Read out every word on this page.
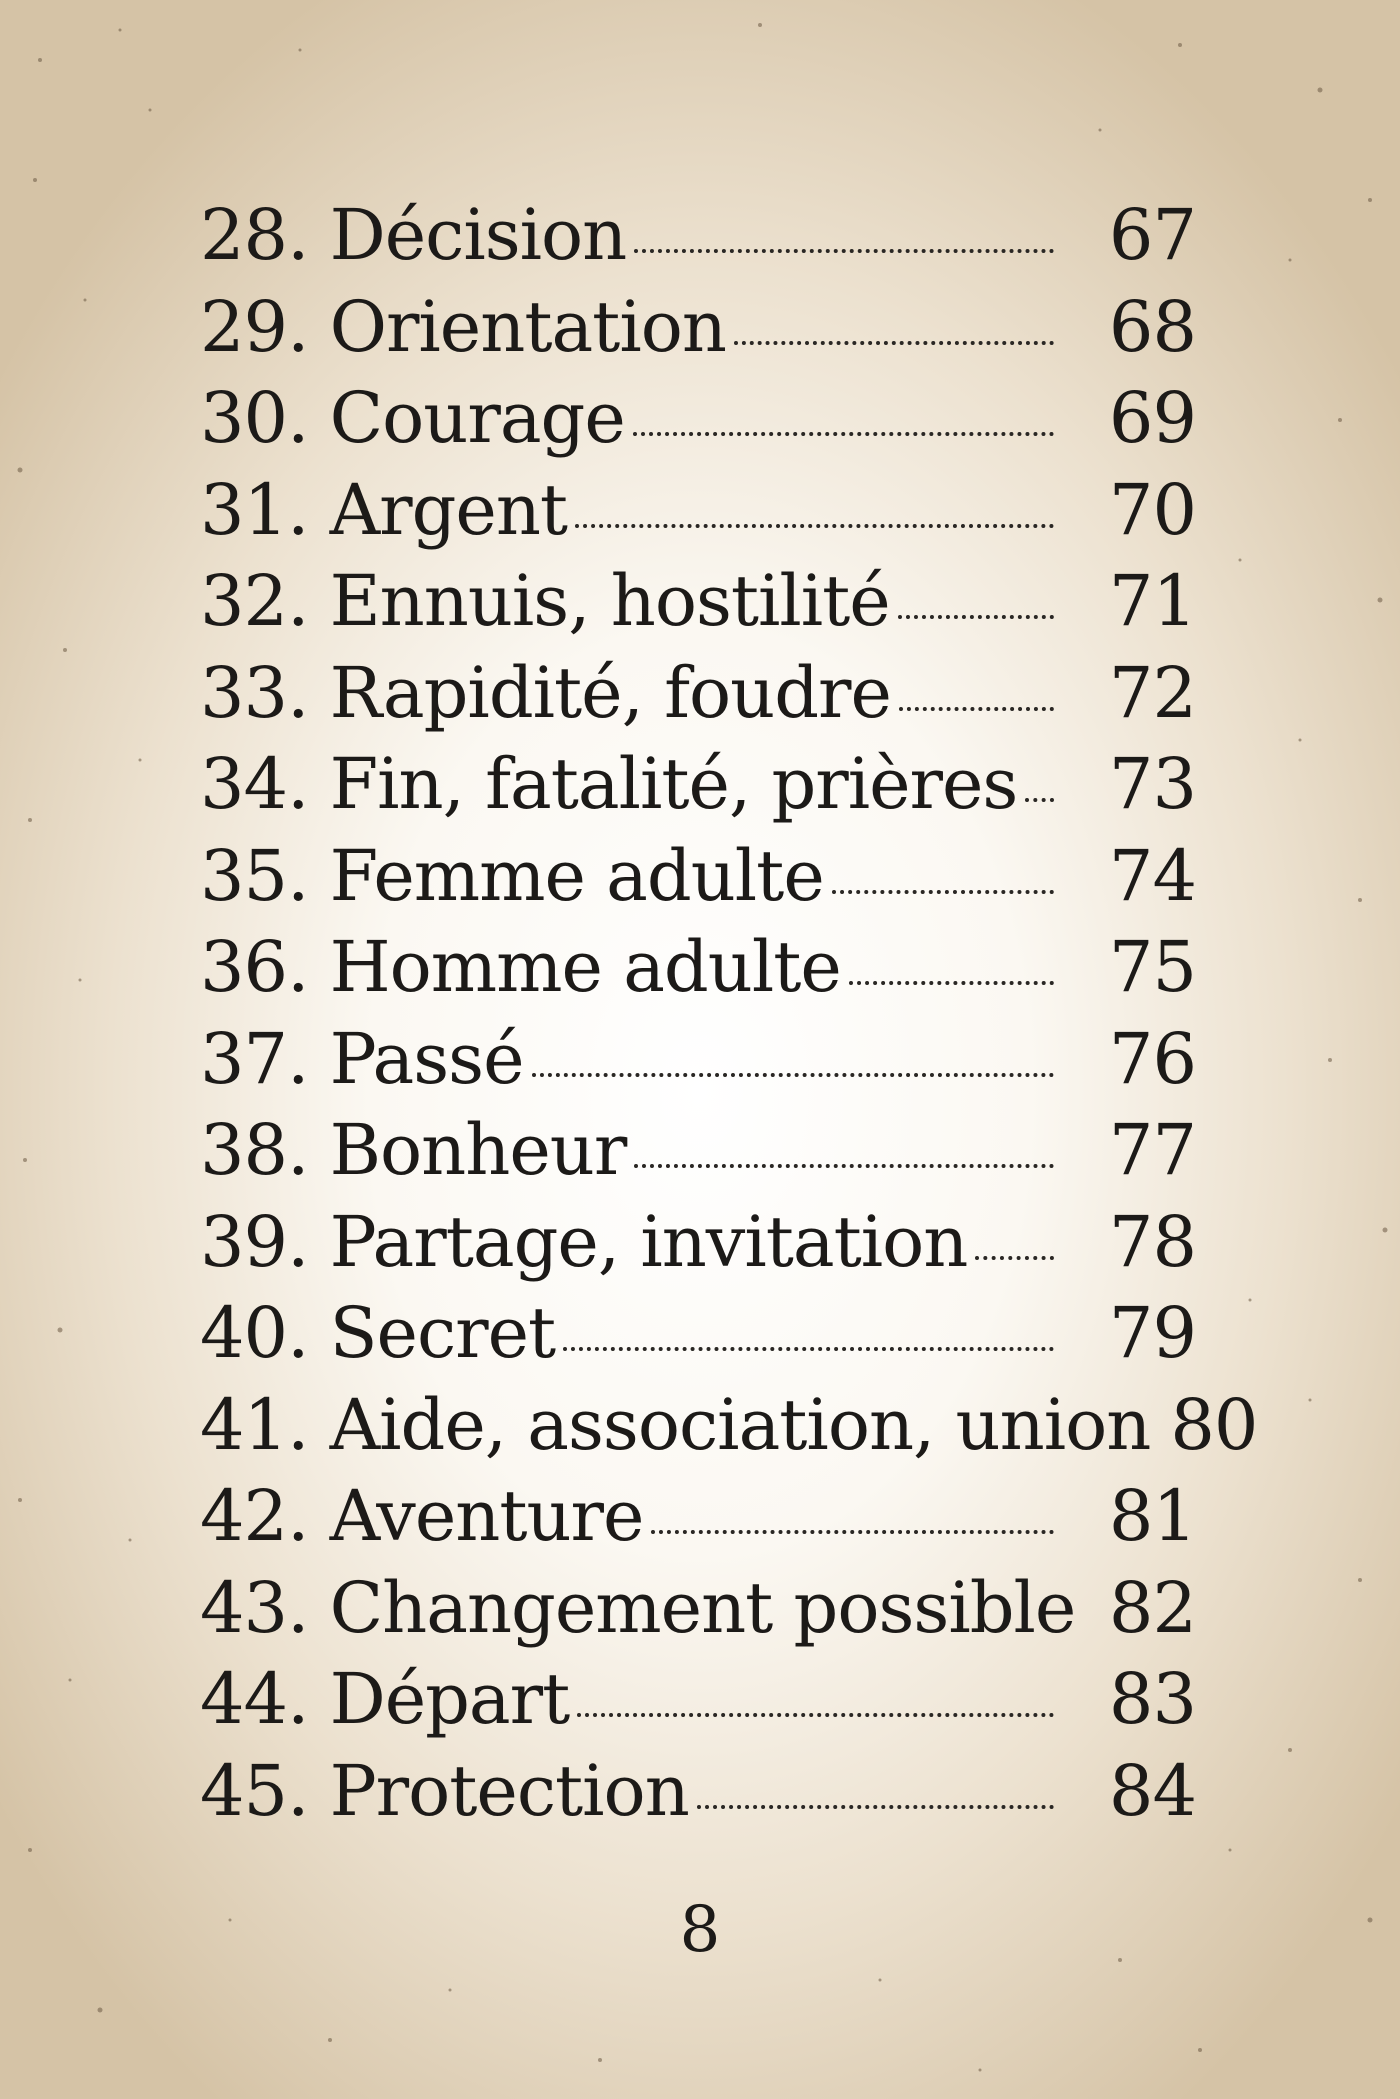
28. Décision	67
29. Orientation	68
30. Courage	69
31. Argent	70
32. Ennuis, hostilité	71
33. Rapidité, foudre	72
34. Fin, fatalité, prières	73
35. Femme adulte	74
36. Homme adulte	75
37. Passé	76
38. Bonheur	77
39. Partage, invitation	78
40. Secret	79
41. Aide, association, union 80
42. Aventure	81
43. Changement possible 82
44. Départ	83
45. Protection	84
8
